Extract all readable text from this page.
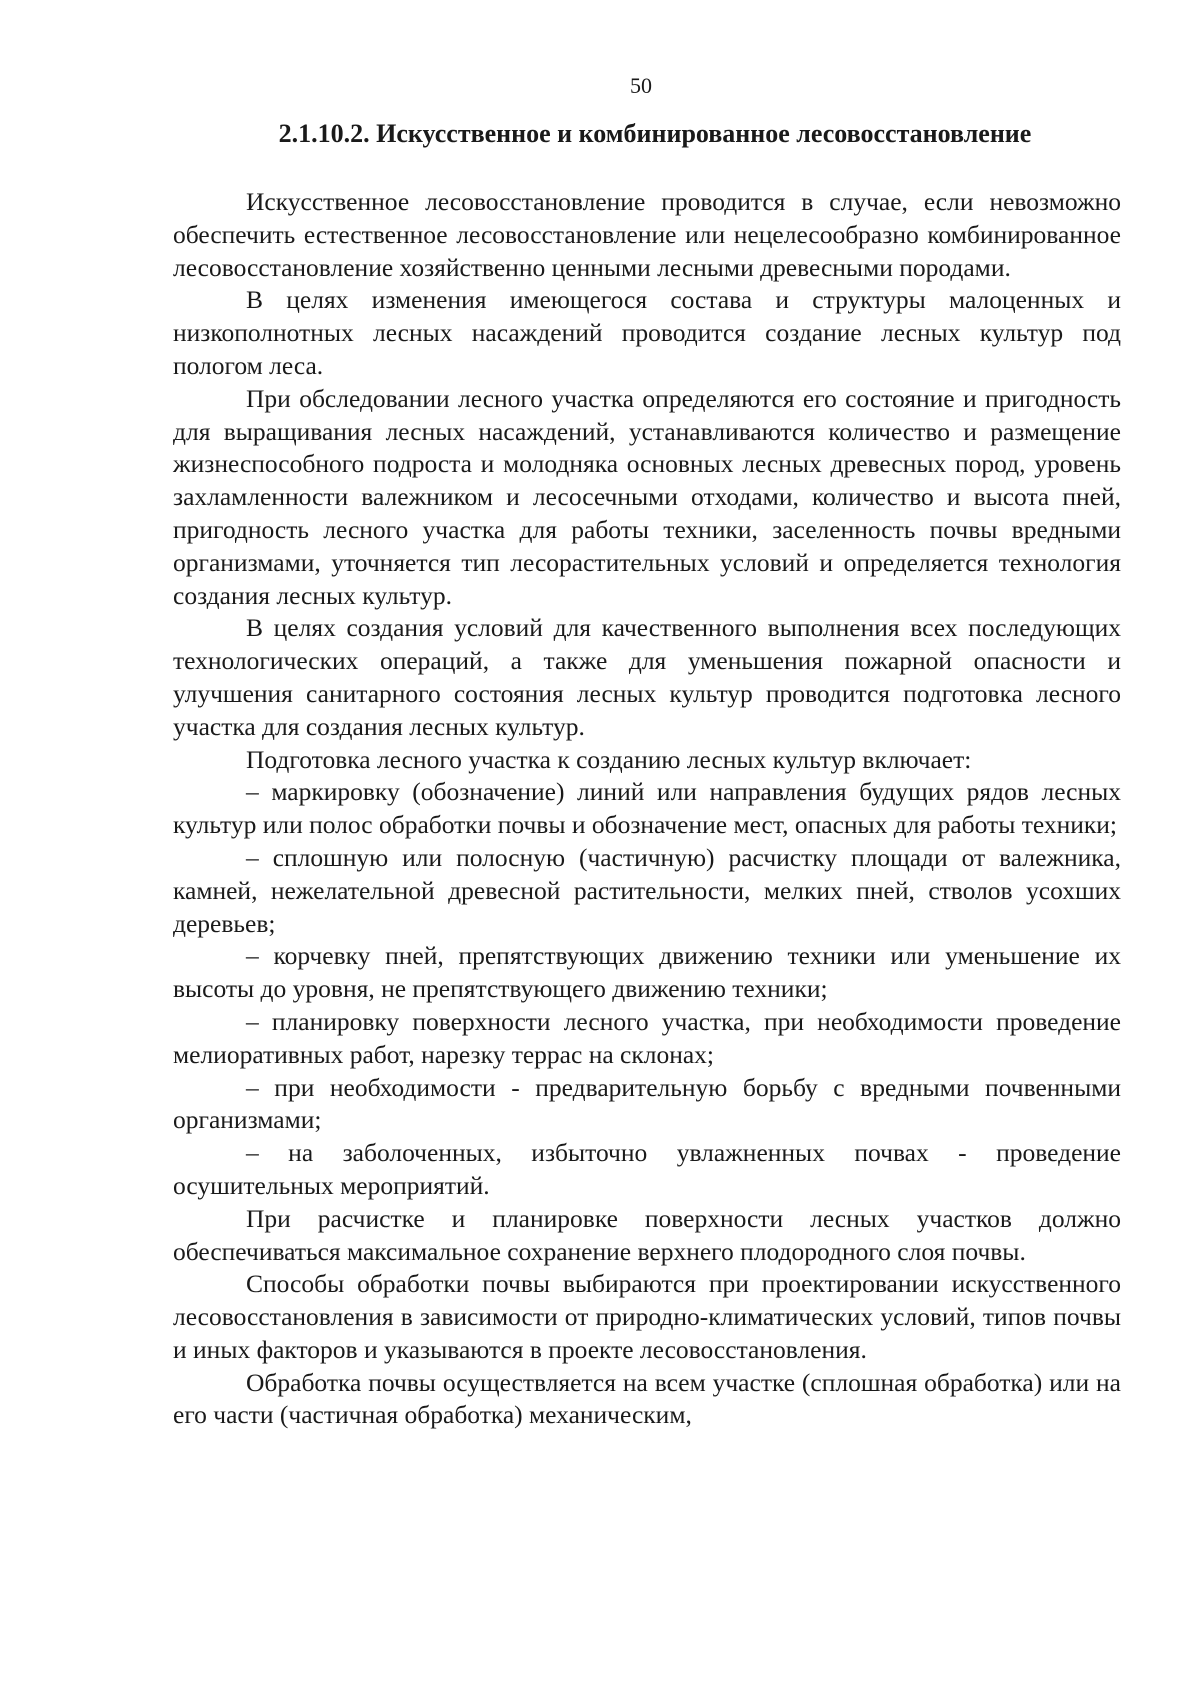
50
2.1.10.2. Искусственное и комбинированное лесовосстановление

Искусственное лесовосстановление проводится в случае, если невозможно обеспечить естественное лесовосстановление или нецелесообразно комбинированное лесовосстановление хозяйственно ценными лесными древесными породами.

В целях изменения имеющегося состава и структуры малоценных и низкополнотных лесных насаждений проводится создание лесных культур под пологом леса.

При обследовании лесного участка определяются его состояние и пригодность для выращивания лесных насаждений, устанавливаются количество и размещение жизнеспособного подроста и молодняка основных лесных древесных пород, уровень захламленности валежником и лесосечными отходами, количество и высота пней, пригодность лесного участка для работы техники, заселенность почвы вредными организмами, уточняется тип лесорастительных условий и определяется технология создания лесных культур.

В целях создания условий для качественного выполнения всех последующих технологических операций, а также для уменьшения пожарной опасности и улучшения санитарного состояния лесных культур проводится подготовка лесного участка для создания лесных культур.

Подготовка лесного участка к созданию лесных культур включает:

– маркировку (обозначение) линий или направления будущих рядов лесных культур или полос обработки почвы и обозначение мест, опасных для работы техники;

– сплошную или полосную (частичную) расчистку площади от валежника, камней, нежелательной древесной растительности, мелких пней, стволов усохших деревьев;

– корчевку пней, препятствующих движению техники или уменьшение их высоты до уровня, не препятствующего движению техники;

– планировку поверхности лесного участка, при необходимости проведение мелиоративных работ, нарезку террас на склонах;

– при необходимости - предварительную борьбу с вредными почвенными организмами;

– на заболоченных, избыточно увлажненных почвах - проведение осушительных мероприятий.

При расчистке и планировке поверхности лесных участков должно обеспечиваться максимальное сохранение верхнего плодородного слоя почвы.

Способы обработки почвы выбираются при проектировании искусственного лесовосстановления в зависимости от природно-климатических условий, типов почвы и иных факторов и указываются в проекте лесовосстановления.

Обработка почвы осуществляется на всем участке (сплошная обработка) или на его части (частичная обработка) механическим,
